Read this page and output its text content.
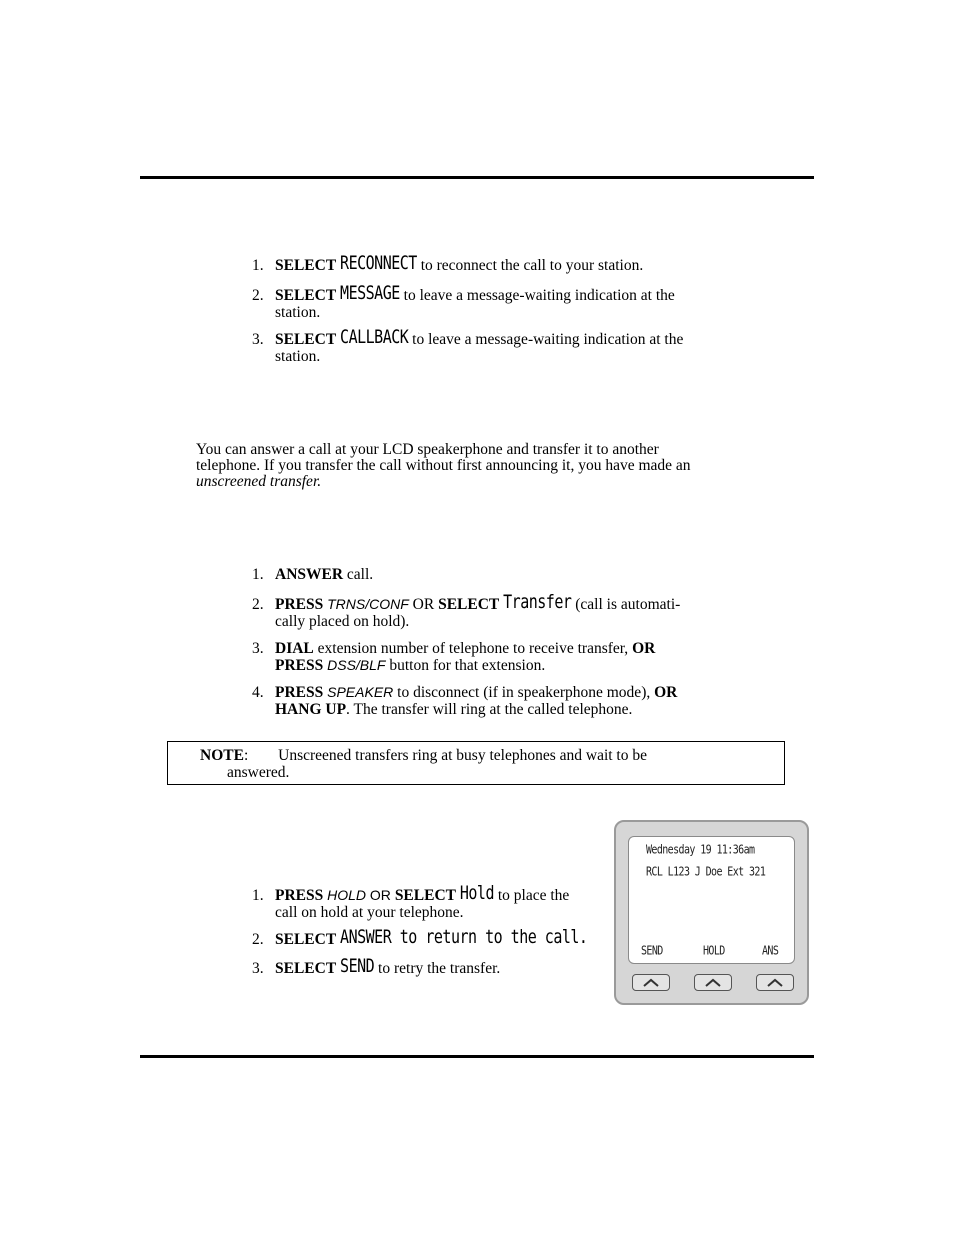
1. SELECT RECONNECT to reconnect the call to your station.
2. SELECT MESSAGE to leave a message-waiting indication at the
station.
3. SELECT CALLBACK to leave a message-waiting indication at the
station.
You can answer a call at your LCD speakerphone and transfer it to another
telephone. If you transfer the call without first announcing it, you have made an
unscreened transfer.
1. ANSWER call.
2. PRESS TRNS/CONF OR SELECT Transfer (call is automati-
cally placed on hold).
3. DIAL extension number of telephone to receive transfer, OR
PRESS DSS/BLF button for that extension.
4. PRESS SPEAKER to disconnect (if in speakerphone mode), OR
HANG UP. The transfer will ring at the called telephone.
NOTE: Unscreened transfers ring at busy telephones and wait to be
answered.
1. PRESS HOLD OR SELECT Hold to place the
call on hold at your telephone.
2. SELECT ANSWER to return to the call.
3. SELECT SEND to retry the transfer.
Wednesday 19 11:36am
RCL L123 J Doe Ext 321
SEND	HOLD	ANS
